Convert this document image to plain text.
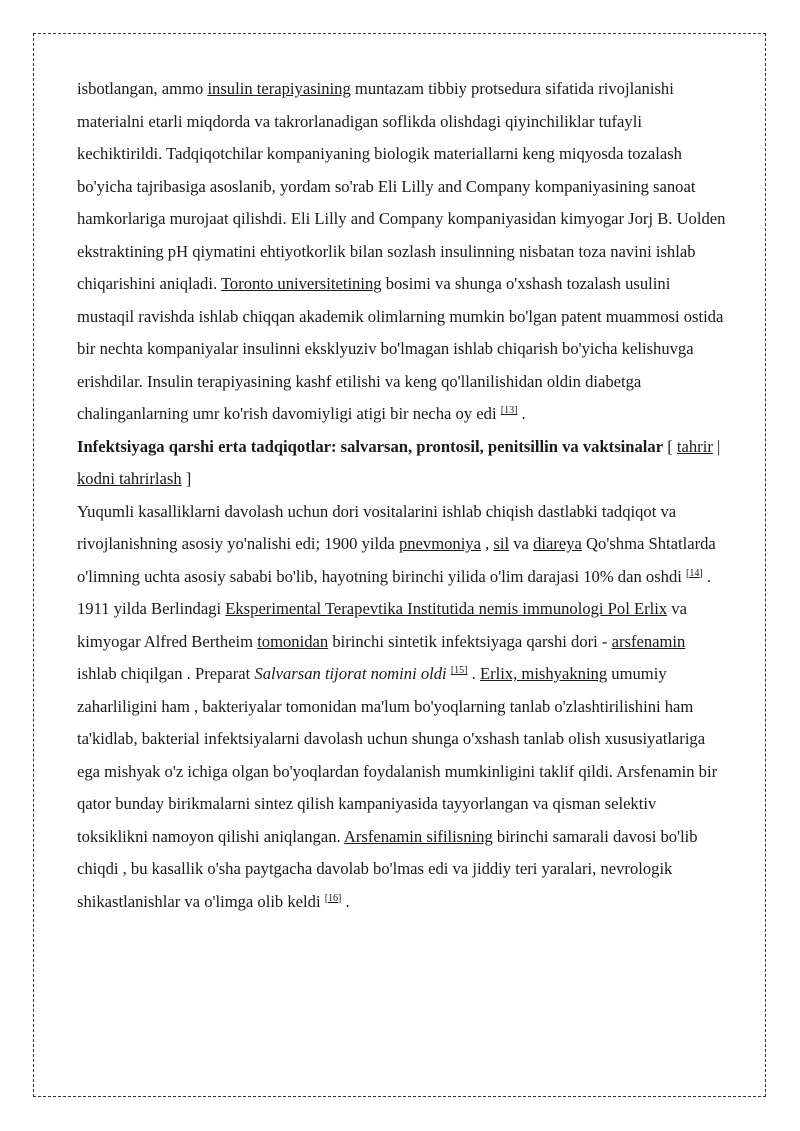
isbotlangan, ammo insulin terapiyasining muntazam tibbiy protsedura sifatida rivojlanishi materialni etarli miqdorda va takrorlanadigan soflikda olishdagi qiyinchiliklar tufayli kechiktirildi. Tadqiqotchilar kompaniyaning biologik materiallarni keng miqyosda tozalash bo'yicha tajribasiga asoslanib, yordam so'rab Eli Lilly and Company kompaniyasining sanoat hamkorlariga murojaat qilishdi. Eli Lilly and Company kompaniyasidan kimyogar Jorj B. Uolden ekstraktining pH qiymatini ehtiyotkorlik bilan sozlash insulinning nisbatan toza navini ishlab chiqarishini aniqladi. Toronto universitetining bosimi va shunga o'xshash tozalash usulini mustaqil ravishda ishlab chiqqan akademik olimlarning mumkin bo'lgan patent muammosi ostida bir nechta kompaniyalar insulinni eksklyuziv bo'lmagan ishlab chiqarish bo'yicha kelishuvga erishdilar. Insulin terapiyasining kashf etilishi va keng qo'llanilishidan oldin diabetga chalinganlarning umr ko'rish davomiyligi atigi bir necha oy edi [13] .

Infektsiyaga qarshi erta tadqiqotlar: salvarsan, prontosil, penitsillin va vaktsinalar [ tahrir | kodni tahrirlash ]

Yuqumli kasalliklarni davolash uchun dori vositalarini ishlab chiqish dastlabki tadqiqot va rivojlanishning asosiy yo'nalishi edi; 1900 yilda pnevmoniya , sil va diareya Qo'shma Shtatlarda o'limning uchta asosiy sababi bo'lib, hayotning birinchi yilida o'lim darajasi 10% dan oshdi [14] .

1911 yilda Berlindagi Eksperimental Terapevtika Institutida nemis immunologi Pol Erlix va kimyogar Alfred Bertheim tomonidan birinchi sintetik infektsiyaga qarshi dori - arsfenamin ishlab chiqilgan . Preparat Salvarsan tijorat nomini oldi [15] . Erlix, mishyakning umumiy zaharliligini ham , bakteriyalar tomonidan ma'lum bo'yoqlarning tanlab o'zlashtirilishini ham ta'kidlab, bakterial infektsiyalarni davolash uchun shunga o'xshash tanlab olish xususiyatlariga ega mishyak o'z ichiga olgan bo'yoqlardan foydalanish mumkinligini taklif qildi. Arsfenamin bir qator bunday birikmalarni sintez qilish kampaniyasida tayyorlangan va qisman selektiv toksiklikni namoyon qilishi aniqlangan. Arsfenamin sifilisning birinchi samarali davosi bo'lib chiqdi , bu kasallik o'sha paytgacha davolab bo'lmas edi va jiddiy teri yaralari, nevrologik shikastlanishlar va o'limga olib keldi [16] .
